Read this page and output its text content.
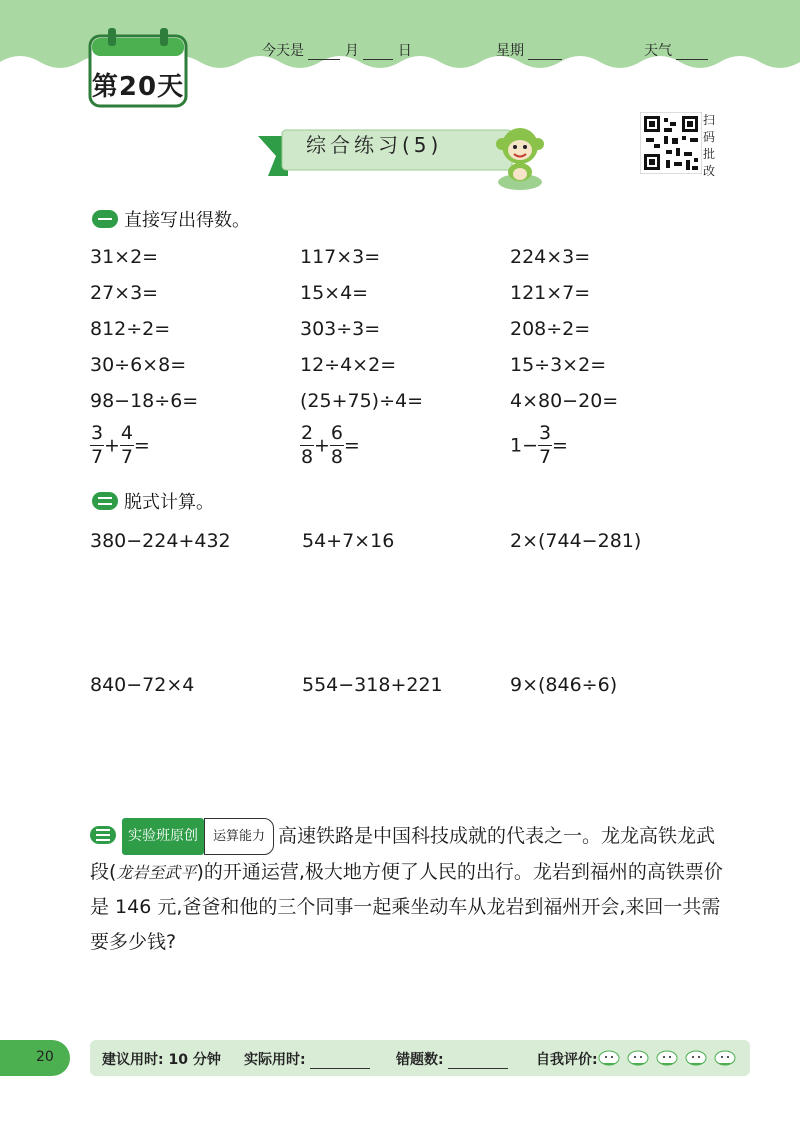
第20天
今天是	月	日	星期	天气
综合练习(5)
扫
码
批
改
直接写出得数。
31×2=	117×3=	224×3=
27×3=	15×4=	121×7=
812÷2=	303÷3=	208÷2=
30÷6×8=	12÷4×2=	15÷3×2=
98−18÷6=	(25+75)÷4=	4×80−20=
$\frac{3}{7} + \frac{4}{7}$ =	$\frac{2}{8} + \frac{6}{8}$ =	$1- \frac{3}{7}$ =
脱式计算。
380−224+432	54+7×16	2×(744−281)
840−72×4	554−318+221	9×(846÷6)
实验班原创 运算能力 高速铁路是中国科技成就的代表之一。龙龙高铁龙武段(龙岩至武平)的开通运营,极大地方便了人民的出行。龙岩到福州的高铁票价是 146 元,爸爸和他的三个同事一起乘坐动车从龙岩到福州开会,来回一共需要多少钱?
20	建议用时: 10 分钟 实际用时:	错题数:	自我评价:
